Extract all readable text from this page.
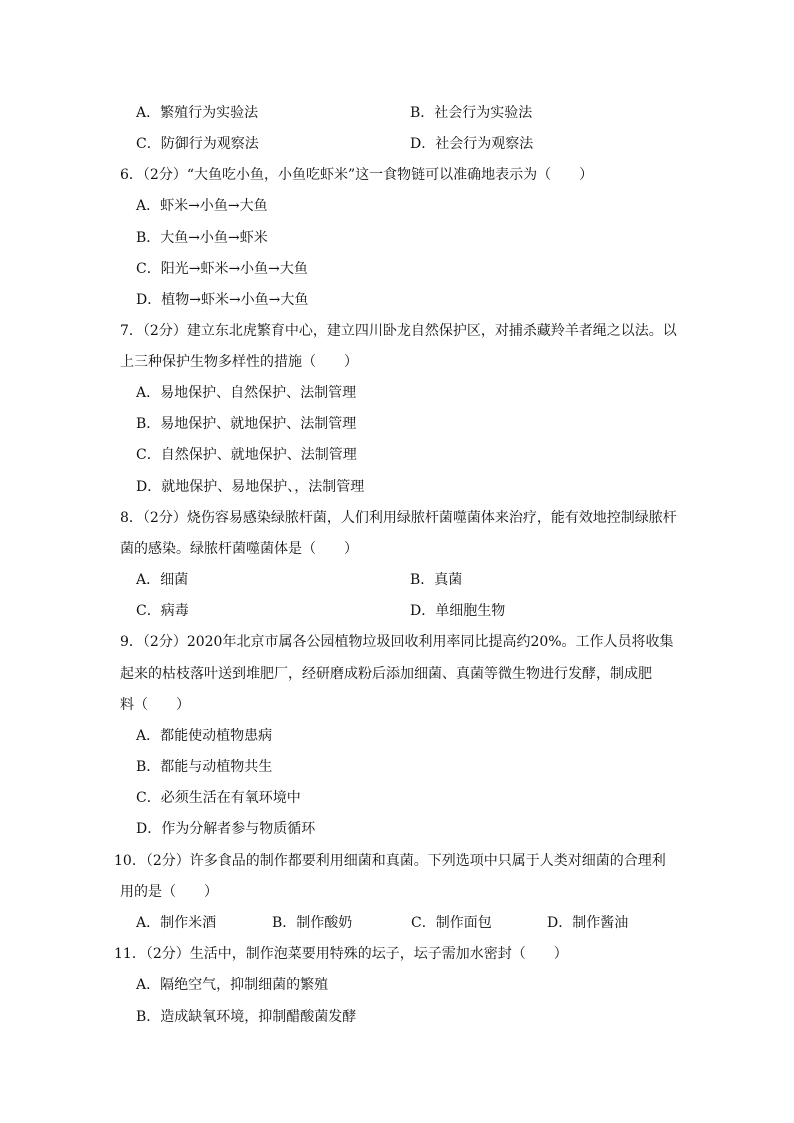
A．繁殖行为实验法	B．社会行为实验法
C．防御行为观察法	D．社会行为观察法
6．（2分）“大鱼吃小鱼，小鱼吃虾米”这一食物链可以准确地表示为（　　）
A．虾米→小鱼→大鱼
B．大鱼→小鱼→虾米
C．阳光→虾米→小鱼→大鱼
D．植物→虾米→小鱼→大鱼
7．（2分）建立东北虎繁育中心，建立四川卧龙自然保护区，对捕杀藏羚羊者绳之以法。以
上三种保护生物多样性的措施（　　）
A．易地保护、自然保护、法制管理
B．易地保护、就地保护、法制管理
C．自然保护、就地保护、法制管理
D．就地保护、易地保护、，法制管理
8．（2分）烧伤容易感染绿脓杆菌，人们利用绿脓杆菌噬菌体来治疗，能有效地控制绿脓杆
菌的感染。绿脓杆菌噬菌体是（　　）
A．细菌	B．真菌
C．病毒	D．单细胞生物
9．（2分）2020年北京市属各公园植物垃圾回收利用率同比提高约20%。工作人员将收集
起来的枯枝落叶送到堆肥厂，经研磨成粉后添加细菌、真菌等微生物进行发酵，制成肥
料（　　）
A．都能使动植物患病
B．都能与动植物共生
C．必须生活在有氧环境中
D．作为分解者参与物质循环
10．（2分）许多食品的制作都要利用细菌和真菌。下列选项中只属于人类对细菌的合理利
用的是（　　）
A．制作米酒	B．制作酸奶	C．制作面包	D．制作酱油
11．（2分）生活中，制作泡菜要用特殊的坛子，坛子需加水密封（　　）
A．隔绝空气，抑制细菌的繁殖
B．造成缺氧环境，抑制醋酸菌发酵
